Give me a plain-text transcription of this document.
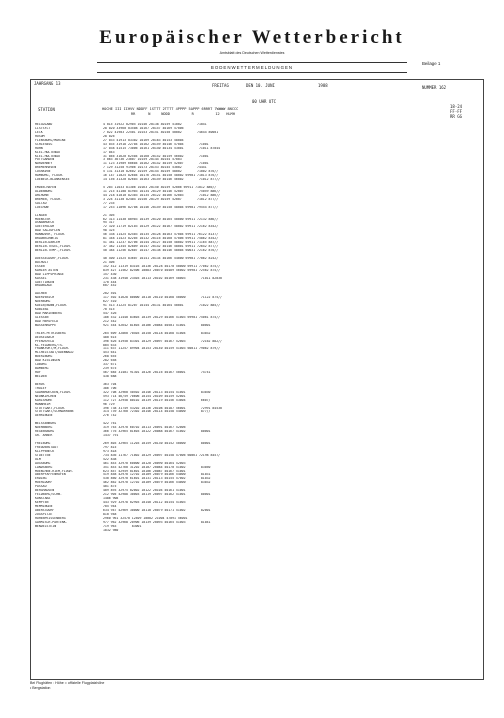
Europäischer Wetterbericht
Amtsblatt des Deutschen Wetterdienstes
Beilage 1
BODENWETTERMELDUNGEN
JAHRGANG 13	FREITAG	DEN 10. JUNI	1988	NUMMER 162
00 UHR UTC
STATION	HOCHE III IIHVV NDDFF 1STTT 2TTTT 4PPPP 5APPP 6RRRT 7WWWW 8NCCC
RR      N     NDDD          R          12   HLMH
18-24
FF-FF
RR GG
HELGOLAND	4 015 31922 02905 10146 20138 40159 51002        71041
LISTSYLT	28 020 33960 03508 10167 20157 40169 57006
LECK	7 022 41903 22501 10153 20151 40150 50002        74644 80001
HUSUM	28 026
FLENSBURG/MARINE	27 033 41913 03302 10169 20163 40153 58004
SCHLESWIG	43 035 31918 22704 10162 20159 40146 57004        71001
HOHN	17 038 41515 73006 10161 20140 40134 53001        71011 87044
KIEL-HOLTENAU	17 043
KIEL-HOLTENAU	31 046 31620 62504 10160 20152 40159 56002        71001
PUTTGARDEN	3 063 36736 23007 10159 20144 40154 57003
NORDERNEY	11 123 31909 60604 10162 20142 40159 52007        71001
BREMERHAVEN	7 129 31250 91906 10173 20153 40145 53002        74441
CUXHAVEN	5 131 31310 82602 10159 20154 40159 58002        71002 876//
HAMBURG, FLUGH.	16 147 11025 82604 10176 20151 40150 58002 69901 71013 876//
LUEBECK-BLANKENSEE	14 156 31320 82603 10163 20149 40146 56002        71012 877//
EMDEN-HAFEN	5 203 11033 81306 10163 20150 40159 52006 69911 71012 886//
OLDENBURG	11 215 41108 81903 10134 20129 40146 52007        75059 886//
AHLHORN	44 218 41010 82303 10135 20122 40166 52003        71012 886//
BREMEN, FLUGH.	3 224 31130 82404 10156 20129 40159 52007        71012 877//
SOLTAU	77 235
LUECHOW	17 253 11096 82708 10146 20149 40150 58004 69901 79554 877//
LINGEN	21 305
MUENSTER	62 313 11430 80903 10139 20120 40165 50000 69911 72132 886//
OSNABRUECK	95 317
GUETERSLOH	72 320 11719 82103 10129 20122 40167 58002 69911 72162 8352/
BAD SALZUFLEN	98 325
HANNOVER, FLUGH.	56 338 11425 82403 10135 20128 40163 57004 69911 76122 8137/
BRAUNSCHWEIG	81 348 11423 82205 10132 20116 40160 57006 69911 75862 8352/
BERLIN-DAHLEM	51 381 11237 82706 10144 20127 40150 58002 69911 71165 887//
BERLIN-TEGEL,FLUGH.	37 382 11345 82809 10147 20142 40146 58001 69911 72642 877//
BERLIN-TEMP.,FLUGH.	50 384 11256 82807 10147 20138 40146 58004 60031 72162 876//
DUESSELDORF,FLUGH.	40 400 11525 83607 10141 20134 40166 54000 69901 77062 8252/
BOCHOLT	21 406
ESSEN	152 412 11319 83103 10136 20128 40170 50000 69911 77062 875//
KAHLER ASTEN	839 427 11562 82506 10083 20070 40489 56002 69901 72562 875//
BAD LIPPSPRINGE	157 430
KASSEL	231 438 31940 23403 10113 20102 40169 58003        71011 82030
GOETTINGEN	170 444
BRAUNLAGE	607 452
AACHEN	202 501
NOERVENICH	117 502 41628 80000 10110 20110 40168 50000        71122 875//
NUERBURG	627 510
KOELN/BONN,FLUGH.	91 513 31225 81207 10144 20131 40164 50001        71022 885//
KOBLENZ	70 515
BAD MARIENBERG	547 526
GIESSEN	186 532 11440 83603 10139 20129 40166 51003 69901 75061 875//
BAD HERSFELD	212 542
WASSERKUPPE	921 544 52642 81603 10106 20084 40501 51001        80001
TRIER-PETRISBERG	265 609 32860 70403 10150 20118 40168 51004        83032
DEUSELBACH	480 615
PFERDSFELD	396 626 41950 83301 10129 20097 40167 52003        72162 882//
KL.FELDBERG/TS.	805 633
FRANKFURT/M,FLUGH.	111 637 11257 89904 10153 20140 40159 51003 60011 79062 879//
MICHELSTADT/ODENWALD	453 641
WUERZBURG	268 655
BAD KISSINGEN	282 658
COBURG	337 671
BAMBERG	239 675
HOF	567 685 31401 91301 10126 20116 40167 50001        74741
WEIDEN	438 688
BERUS	363 704
THOLEY	386 706
SAARBRUECKEN,FLUGH.	322 708 32960 50502 10146 20113 40154 51001        83030
NEUNKIRCHEN	593 714 46/59 70606 10154 20109 40159 52001
KARLSRUHE	112 727 32958 80102 10139 20119 40156 53004        6607/
MANNHEIM	96 729
STUTTGART,FLUGH.	396 738 31749 53202 10136 20108 40187 56001        72991 84530
STUTTGART/SCHNARRENB	314 739 32760 72302 10146 20114 40158 54000        877//
OEHRINGEN	276 742
WEISSENBURG	422 761
NUERNBERG	319 763 32970 60702 10113 20091 40167 52006
REGENSBURG	366 776 32965 01603 10122 20088 40167 51002        80001
GR. ARBER	1437 791
FREIBURG	269 803 32965 11203 10159 20130 40152 50000        80001
FREUDENSTADT	797 815
KLIPPENECK	973 818
STOETTEN	734 836 11767 71002 10129 20097 40158 57006 60061 72198 8457/
ULM	522 838
AUGSBURG	461 853 32970 60000 10120 20090 40164 52003
LANDSBERG	351 853 42760 31202 10107 20084 40170 51002        83050
MUENCHEN-RIEM,FLUGH.	623 857 42959 01601 10106 20087 40167 51001
OBERPFAFFENHOFEN	519 858 42970 12702 10109 20079 40166 54000        81031
ERDING	530 860 32970 61601 10131 20113 40155 57002        81032
MUEHLDORF	462 862 42970 12702 10109 20079 40166 54000        83032
PASSAU	401 875
BERGHAUSEN	409 893 32975 02002 10122 20104 40161 51001
FELDBERG/SCHW.	212 905 42988 30003 10119 20097 40162 51001        80001
KONSTANZ	1486 908
KEMPTEN	443 929 32978 02903 10140 20112 40154 51003
MEMMINGEN	705 944
OBERSTDORF	634 947 42969 30000 10110 20079 40171 51002        82001
ZUGSPITZE	810 948
HOHENPEISSENBERG	2960 961 32570 12409 10002 21004 47091 56001
GARMISCH-PARTENK.	977 962 32968 20906 10139 20093 40165 51003        81041
WENDELSTEIN	719 963        83001
1832 980
Bei Flughäfen : Höhe = offizielle Flugplatzhöhe
• Bergstation
